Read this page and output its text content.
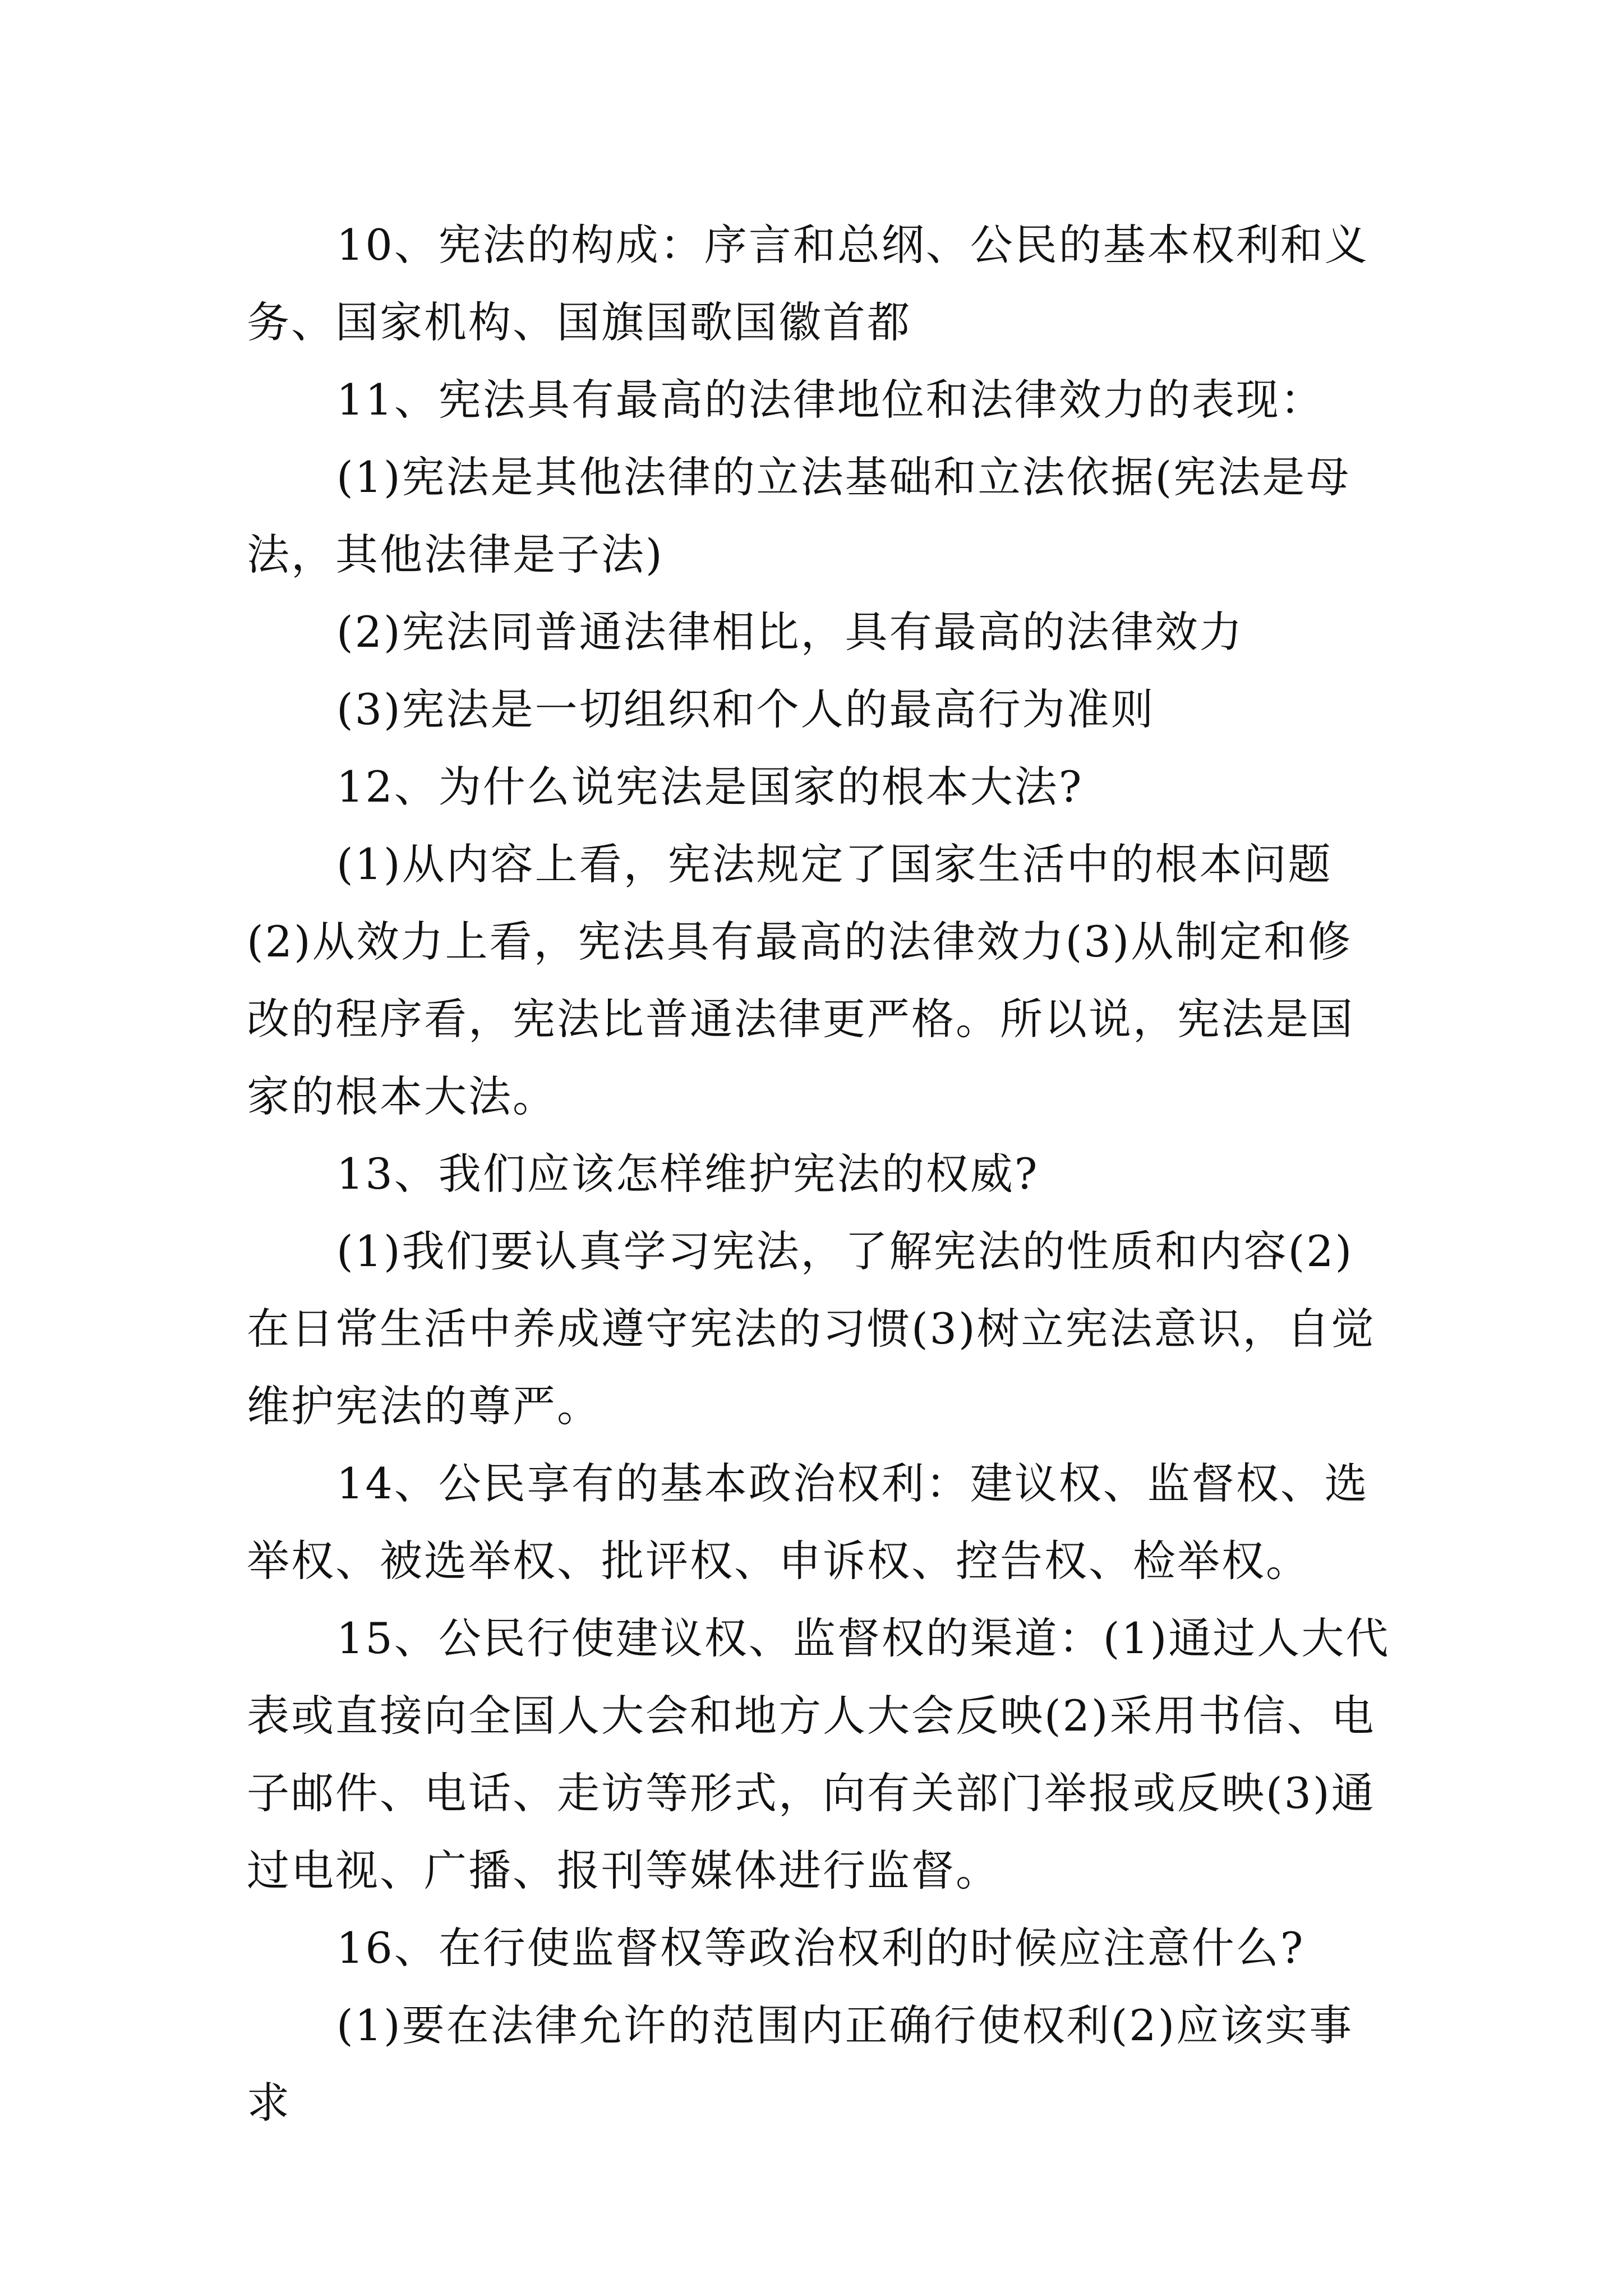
10、宪法的构成：序言和总纲、公民的基本权利和义务、国家机构、国旗国歌国徽首都

11、宪法具有最高的法律地位和法律效力的表现：

(1)宪法是其他法律的立法基础和立法依据(宪法是母法，其他法律是子法)

(2)宪法同普通法律相比，具有最高的法律效力

(3)宪法是一切组织和个人的最高行为准则

12、为什么说宪法是国家的根本大法?

(1)从内容上看，宪法规定了国家生活中的根本问题(2)从效力上看，宪法具有最高的法律效力(3)从制定和修改的程序看，宪法比普通法律更严格。所以说，宪法是国家的根本大法。

13、我们应该怎样维护宪法的权威?

(1)我们要认真学习宪法，了解宪法的性质和内容(2)在日常生活中养成遵守宪法的习惯(3)树立宪法意识，自觉维护宪法的尊严。

14、公民享有的基本政治权利：建议权、监督权、选举权、被选举权、批评权、申诉权、控告权、检举权。

15、公民行使建议权、监督权的渠道：(1)通过人大代表或直接向全国人大会和地方人大会反映(2)采用书信、电子邮件、电话、走访等形式，向有关部门举报或反映(3)通过电视、广播、报刊等媒体进行监督。

16、在行使监督权等政治权利的时候应注意什么?

(1)要在法律允许的范围内正确行使权利(2)应该实事求
